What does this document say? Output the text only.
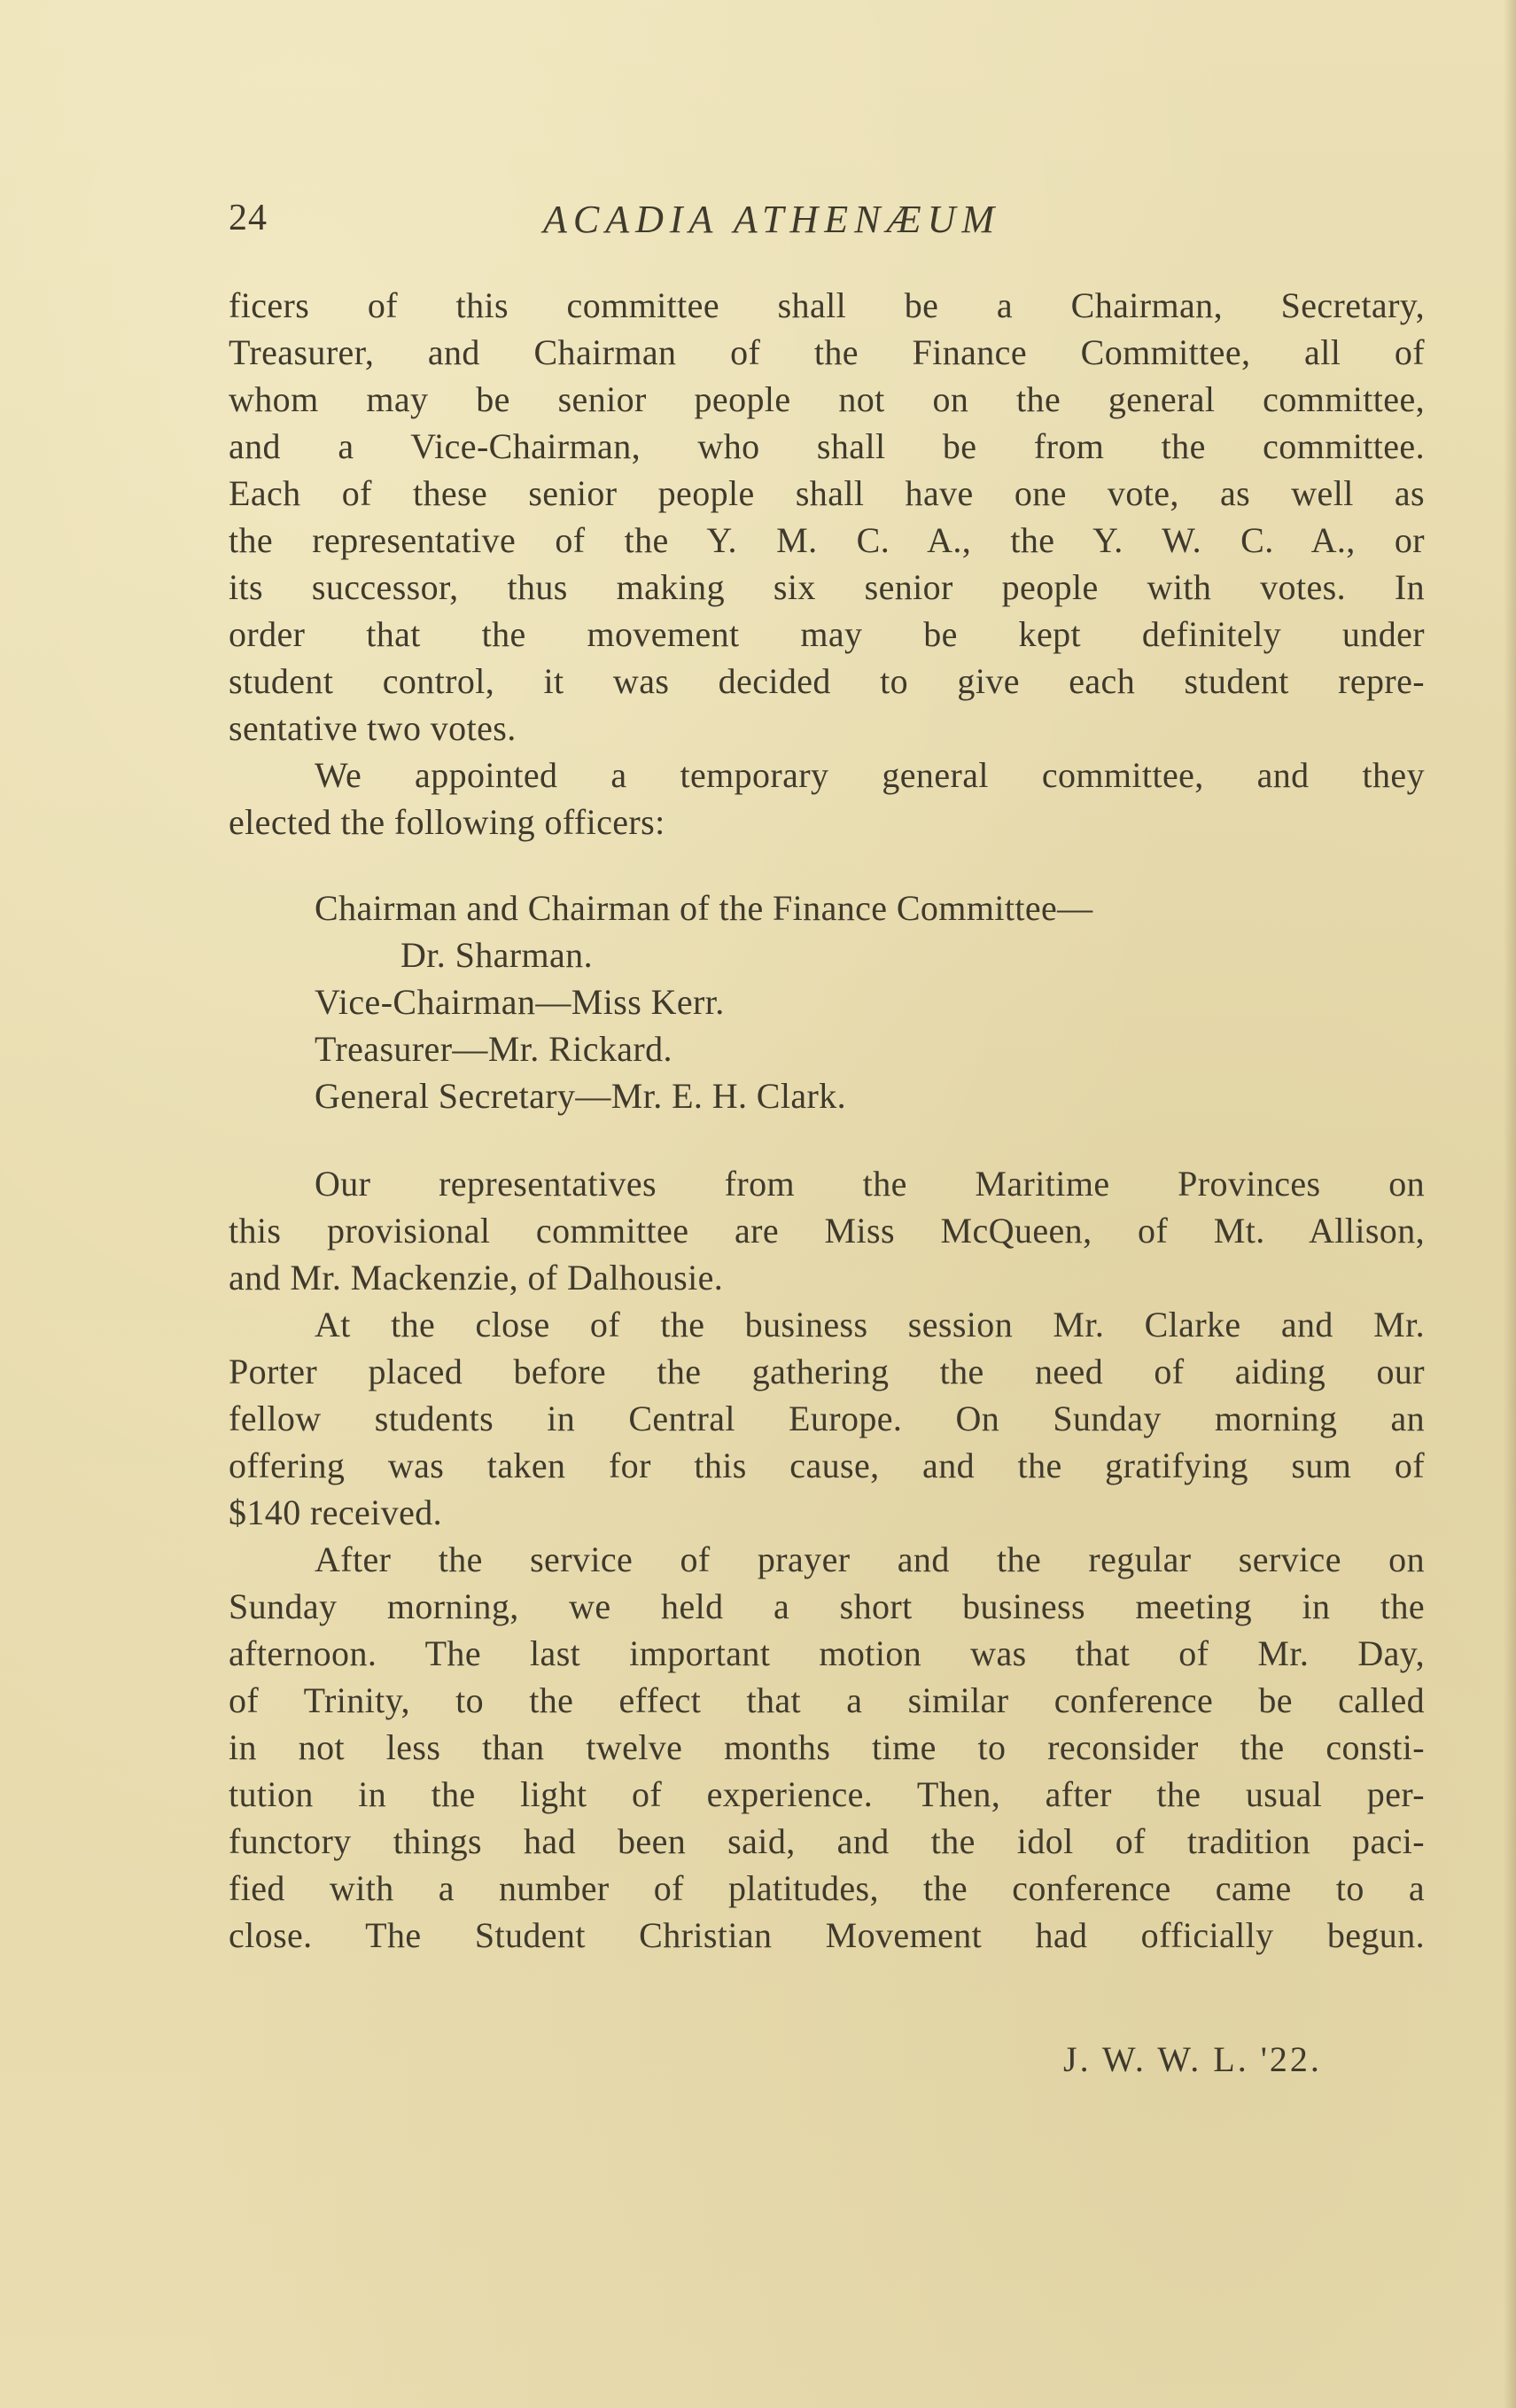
24	ACADIA ATHENÆUM
ficers of this committee shall be a Chairman, Secretary,
Treasurer, and Chairman of the Finance Committee, all of
whom may be senior people not on the general committee,
and a Vice-Chairman, who shall be from the committee.
Each of these senior people shall have one vote, as well as
the representative of the Y. M. C. A., the Y. W. C. A., or
its successor, thus making six senior people with votes. In
order that the movement may be kept definitely under
student control, it was decided to give each student repre-
sentative two votes.
We appointed a temporary general committee, and they
elected the following officers:
Chairman and Chairman of the Finance Committee—
Dr. Sharman.
Vice-Chairman—Miss Kerr.
Treasurer—Mr. Rickard.
General Secretary—Mr. E. H. Clark.
Our representatives from the Maritime Provinces on
this provisional committee are Miss McQueen, of Mt. Allison,
and Mr. Mackenzie, of Dalhousie.
At the close of the business session Mr. Clarke and Mr.
Porter placed before the gathering the need of aiding our
fellow students in Central Europe. On Sunday morning an
offering was taken for this cause, and the gratifying sum of
$140 received.
After the service of prayer and the regular service on
Sunday morning, we held a short business meeting in the
afternoon. The last important motion was that of Mr. Day,
of Trinity, to the effect that a similar conference be called
in not less than twelve months time to reconsider the consti-
tution in the light of experience. Then, after the usual per-
functory things had been said, and the idol of tradition paci-
fied with a number of platitudes, the conference came to a
close. The Student Christian Movement had officially begun.
J. W. W. L. '22.
